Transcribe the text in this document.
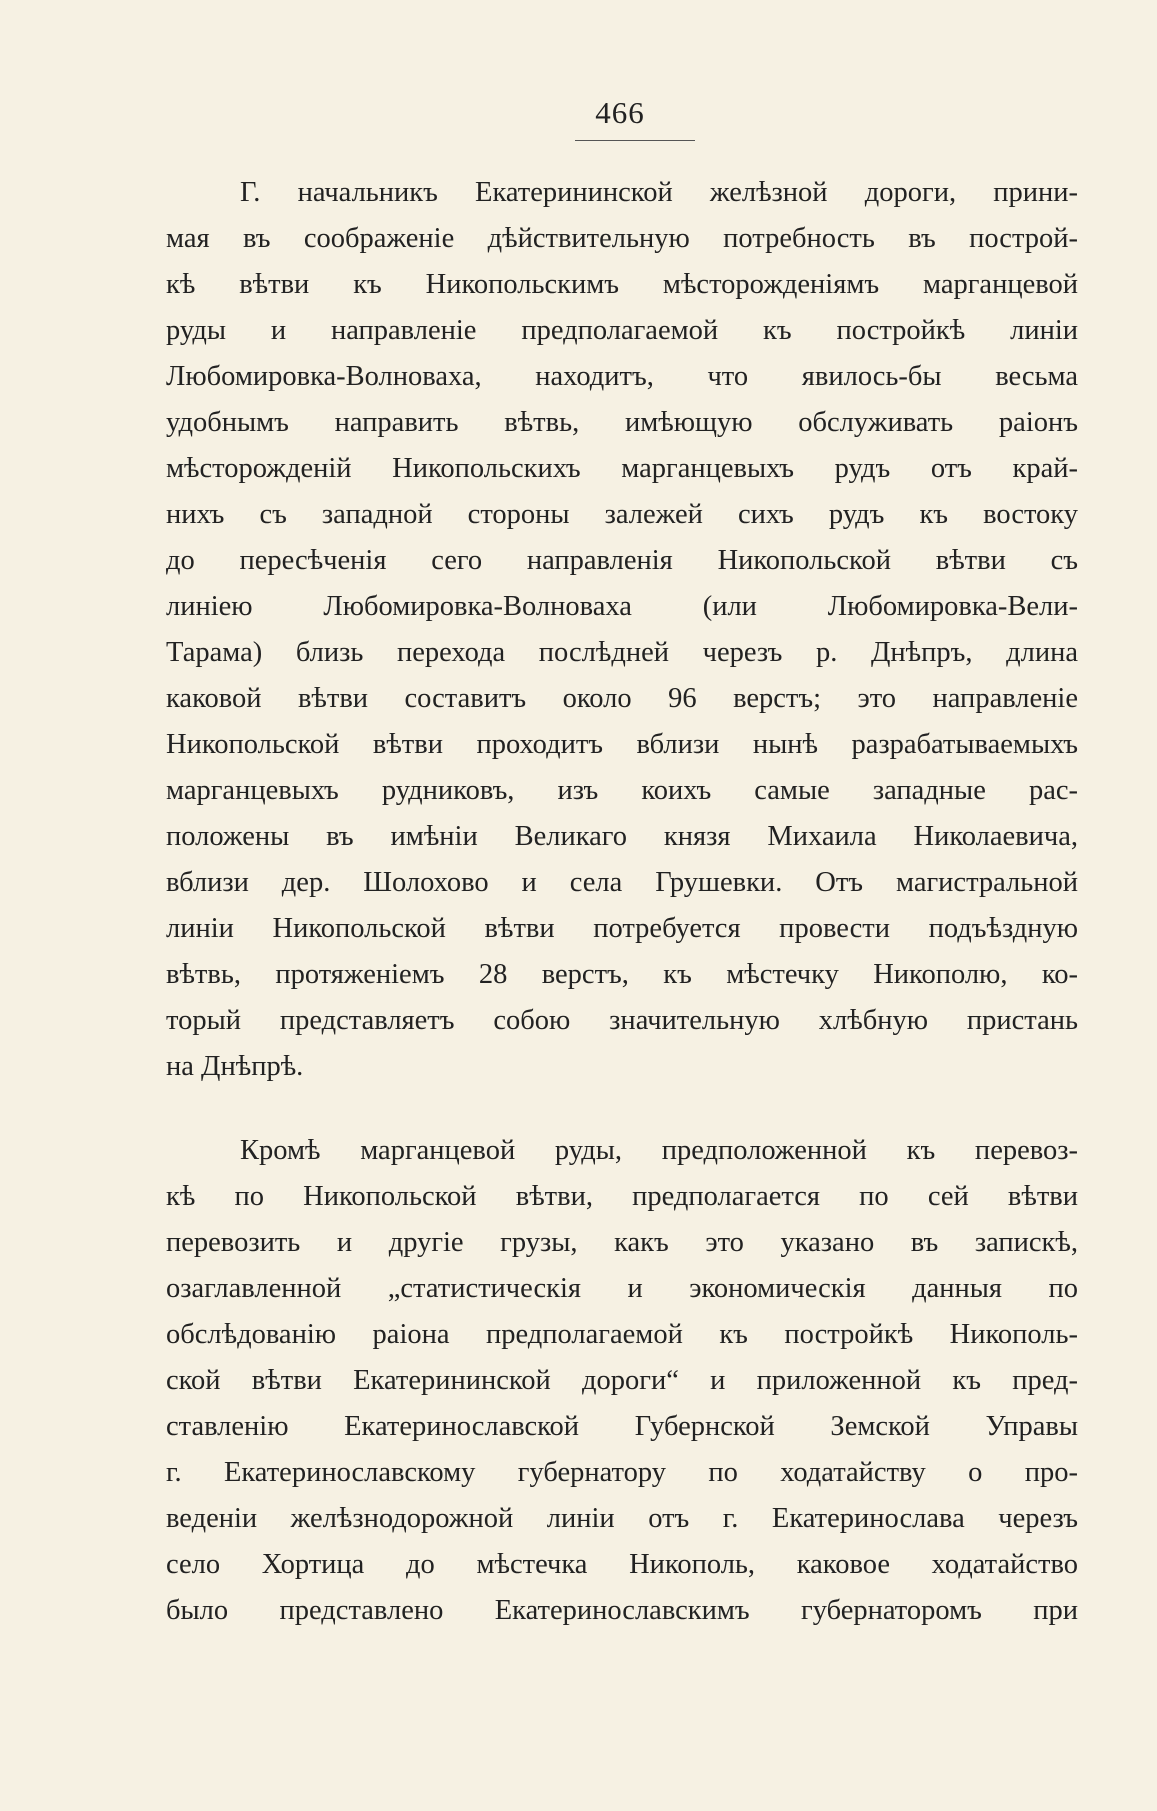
466
Г. начальникъ Екатерининской желѣзной дороги, прини-
мая въ соображеніе дѣйствительную потребность въ построй-
кѣ вѣтви къ Никопольскимъ мѣсторожденіямъ марганцевой
руды и направленіе предполагаемой къ постройкѣ линіи
Любомировка-Волноваха, находитъ, что явилось-бы весьма
удобнымъ направить вѣтвь, имѣющую обслуживать раіонъ
мѣсторожденій Никопольскихъ марганцевыхъ рудъ отъ край-
нихъ съ западной стороны залежей сихъ рудъ къ востоку
до пересѣченія сего направленія Никопольской вѣтви съ
линіею Любомировка-Волноваха (или Любомировка-Вели-
Тарама) близь перехода послѣдней черезъ р. Днѣпръ, длина
каковой вѣтви составитъ около 96 верстъ; это направленіе
Никопольской вѣтви проходитъ вблизи нынѣ разрабатываемыхъ
марганцевыхъ рудниковъ, изъ коихъ самые западные рас-
положены въ имѣніи Великаго князя Михаила Николаевича,
вблизи дер. Шолохово и села Грушевки. Отъ магистральной
линіи Никопольской вѣтви потребуется провести подъѣздную
вѣтвь, протяженіемъ 28 верстъ, къ мѣстечку Никополю, ко-
торый представляетъ собою значительную хлѣбную пристань
на Днѣпрѣ.
Кромѣ марганцевой руды, предположенной къ перевоз-
кѣ по Никопольской вѣтви, предполагается по сей вѣтви
перевозить и другіе грузы, какъ это указано въ запискѣ,
озаглавленной „статистическія и экономическія данныя по
обслѣдованію раіона предполагаемой къ постройкѣ Никополь-
ской вѣтви Екатерининской дороги“ и приложенной къ пред-
ставленію Екатеринославской Губернской Земской Управы
г. Екатеринославскому губернатору по ходатайству о про-
веденіи желѣзнодорожной линіи отъ г. Екатеринослава черезъ
село Хортица до мѣстечка Никополь, каковое ходатайство
было представлено Екатеринославскимъ губернаторомъ при
